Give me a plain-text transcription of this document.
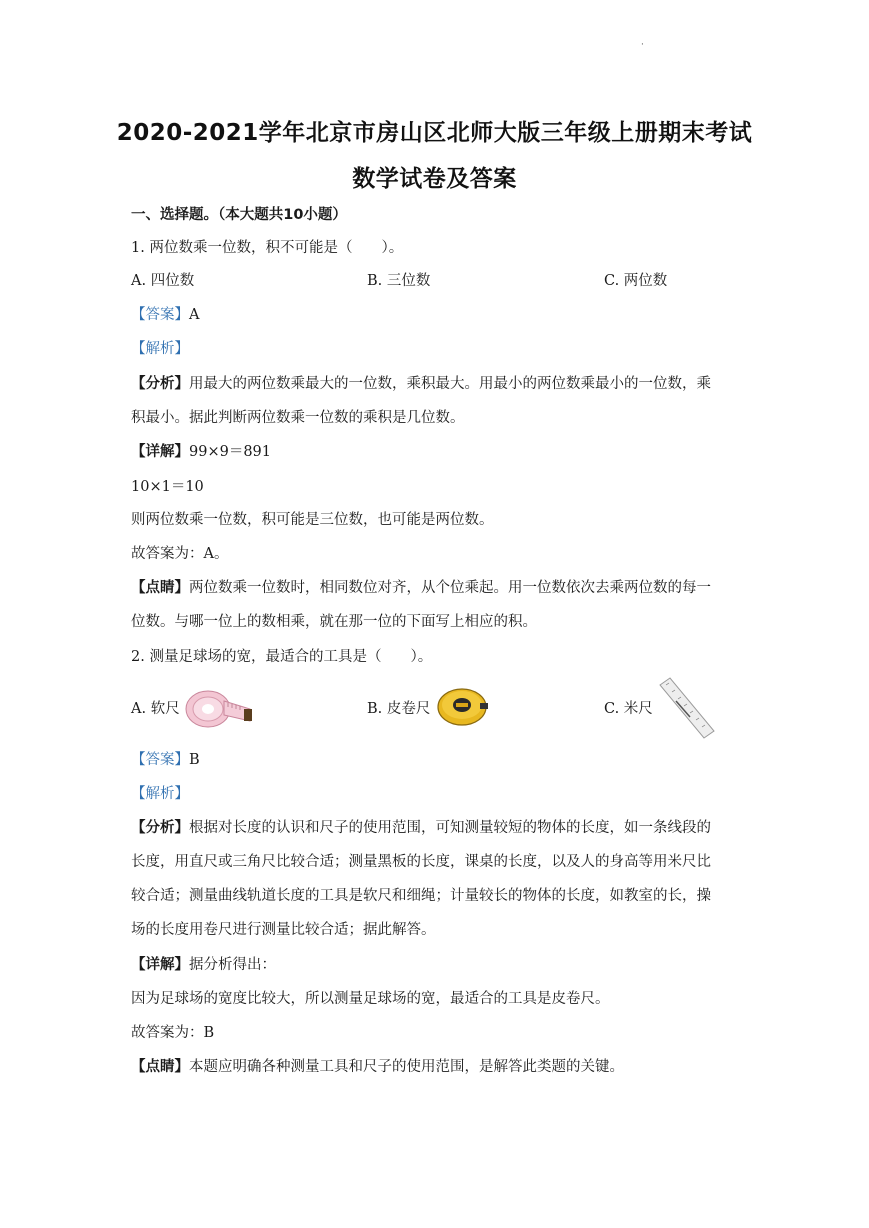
·
2020-2021学年北京市房山区北师大版三年级上册期末考试
数学试卷及答案
一、选择题。（本大题共10小题）
1. 两位数乘一位数，积不可能是（　　）。
A. 四位数	B. 三位数	C. 两位数
【答案】A
【解析】
【分析】用最大的两位数乘最大的一位数，乘积最大。用最小的两位数乘最小的一位数，乘
积最小。据此判断两位数乘一位数的乘积是几位数。
【详解】99×9＝891
10×1＝10
则两位数乘一位数，积可能是三位数，也可能是两位数。
故答案为：A。
【点睛】两位数乘一位数时，相同数位对齐，从个位乘起。用一位数依次去乘两位数的每一
位数。与哪一位上的数相乘，就在那一位的下面写上相应的积。
2. 测量足球场的宽，最适合的工具是（　　）。
A. 软尺	B. 皮卷尺	C. 米尺
【答案】B
【解析】
【分析】根据对长度的认识和尺子的使用范围，可知测量较短的物体的长度，如一条线段的
长度，用直尺或三角尺比较合适；测量黑板的长度，课桌的长度，以及人的身高等用米尺比
较合适；测量曲线轨道长度的工具是软尺和细绳；计量较长的物体的长度，如教室的长，操
场的长度用卷尺进行测量比较合适；据此解答。
【详解】据分析得出：
因为足球场的宽度比较大，所以测量足球场的宽，最适合的工具是皮卷尺。
故答案为：B
【点睛】本题应明确各种测量工具和尺子的使用范围，是解答此类题的关键。
